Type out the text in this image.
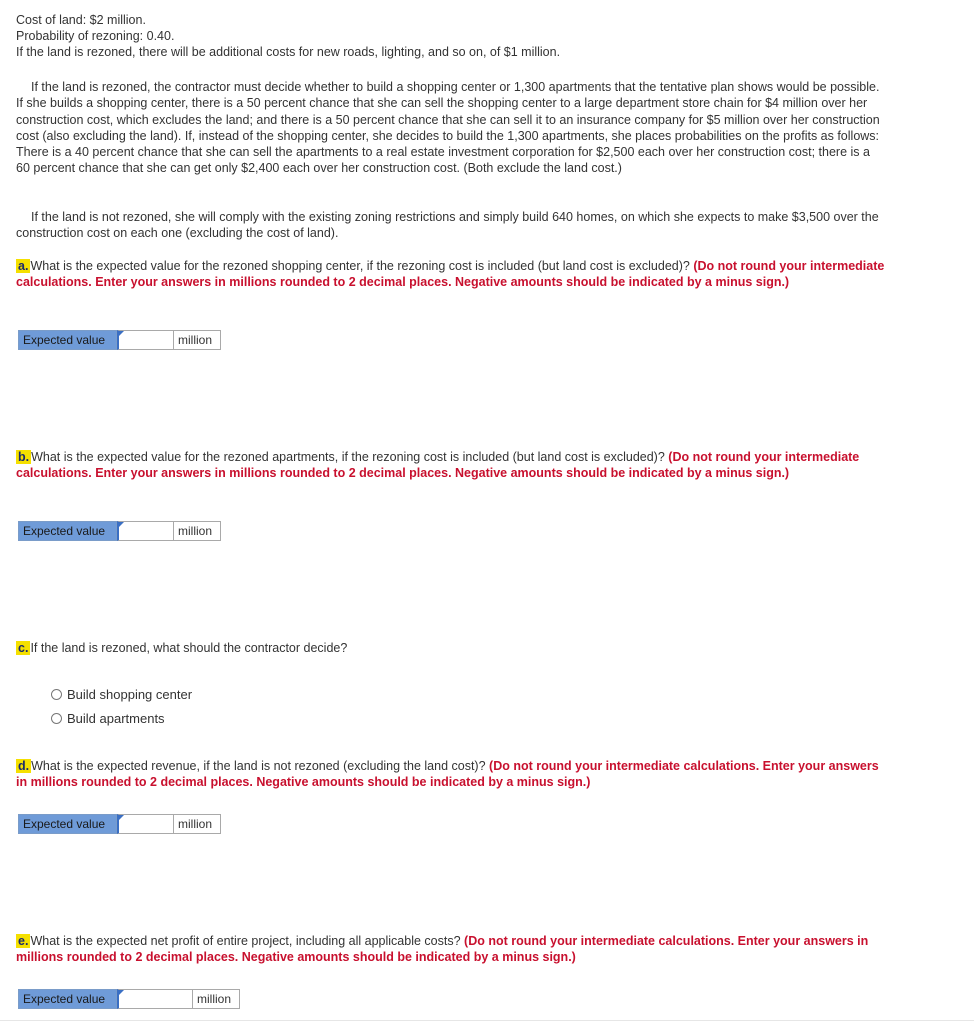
Cost of land: $2 million.
Probability of rezoning: 0.40.
If the land is rezoned, there will be additional costs for new roads, lighting, and so on, of $1 million.
If the land is rezoned, the contractor must decide whether to build a shopping center or 1,300 apartments that the tentative plan shows would be possible. If she builds a shopping center, there is a 50 percent chance that she can sell the shopping center to a large department store chain for $4 million over her construction cost, which excludes the land; and there is a 50 percent chance that she can sell it to an insurance company for $5 million over her construction cost (also excluding the land). If, instead of the shopping center, she decides to build the 1,300 apartments, she places probabilities on the profits as follows: There is a 40 percent chance that she can sell the apartments to a real estate investment corporation for $2,500 each over her construction cost; there is a 60 percent chance that she can get only $2,400 each over her construction cost. (Both exclude the land cost.)
If the land is not rezoned, she will comply with the existing zoning restrictions and simply build 640 homes, on which she expects to make $3,500 over the construction cost on each one (excluding the cost of land).
a. What is the expected value for the rezoned shopping center, if the rezoning cost is included (but land cost is excluded)? (Do not round your intermediate calculations. Enter your answers in millions rounded to 2 decimal places. Negative amounts should be indicated by a minus sign.)
Expected value	million
b. What is the expected value for the rezoned apartments, if the rezoning cost is included (but land cost is excluded)? (Do not round your intermediate calculations. Enter your answers in millions rounded to 2 decimal places. Negative amounts should be indicated by a minus sign.)
Expected value	million
c. If the land is rezoned, what should the contractor decide?
Build shopping center
Build apartments
d. What is the expected revenue, if the land is not rezoned (excluding the land cost)? (Do not round your intermediate calculations. Enter your answers in millions rounded to 2 decimal places. Negative amounts should be indicated by a minus sign.)
Expected value	million
e. What is the expected net profit of entire project, including all applicable costs? (Do not round your intermediate calculations. Enter your answers in millions rounded to 2 decimal places. Negative amounts should be indicated by a minus sign.)
Expected value	million
